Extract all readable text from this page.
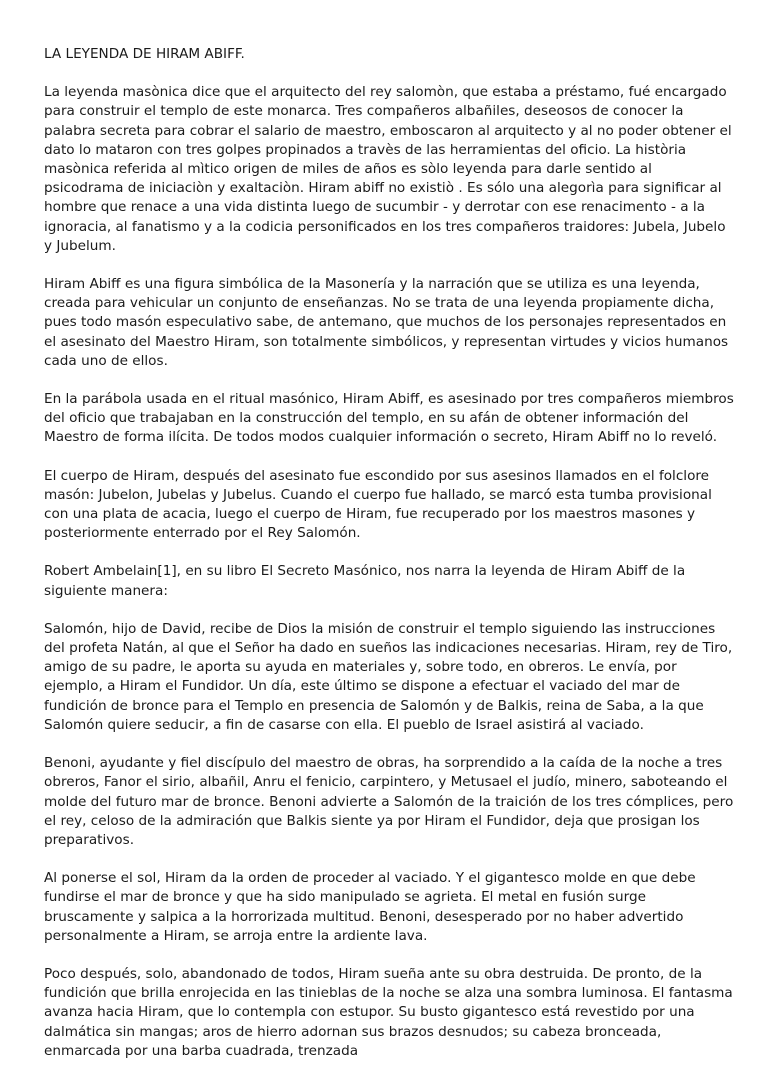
LA LEYENDA DE HIRAM ABIFF.

La leyenda masònica dice que el arquitecto del rey salomòn, que estaba a préstamo, fué encargado para construir el templo de este monarca. Tres compañeros albañiles, deseosos de conocer la palabra secreta para cobrar el salario de maestro, emboscaron al arquitecto y al no poder obtener el dato lo mataron con tres golpes propinados a travès de las herramientas del oficio. La història masònica referida al mìtico origen de miles de años es sòlo leyenda para darle sentido al psicodrama de iniciaciòn y exaltaciòn. Hiram abiff no existiò . Es sólo una alegorìa para significar al hombre que renace a una vida distinta luego de sucumbir - y derrotar con ese renacimento - a la ignoracia, al fanatismo y a la codicia personificados en los tres compañeros traidores: Jubela, Jubelo y Jubelum.

Hiram Abiff es una figura simbólica de la Masonería y la narración que se utiliza es una leyenda, creada para vehicular un conjunto de enseñanzas. No se trata de una leyenda propiamente dicha, pues todo masón especulativo sabe, de antemano, que muchos de los personajes representados en el asesinato del Maestro Hiram, son totalmente simbólicos, y representan virtudes y vicios humanos cada uno de ellos.

En la parábola usada en el ritual masónico, Hiram Abiff, es asesinado por tres compañeros miembros del oficio que trabajaban en la construcción del templo, en su afán de obtener información del Maestro de forma ilícita. De todos modos cualquier información o secreto, Hiram Abiff no lo reveló.

El cuerpo de Hiram, después del asesinato fue escondido por sus asesinos llamados en el folclore masón: Jubelon, Jubelas y Jubelus. Cuando el cuerpo fue hallado, se marcó esta tumba provisional con una plata de acacia, luego el cuerpo de Hiram, fue recuperado por los maestros masones y posteriormente enterrado por el Rey Salomón.

Robert Ambelain[1], en su libro El Secreto Masónico, nos narra la leyenda de Hiram Abiff de la siguiente manera:

Salomón, hijo de David, recibe de Dios la misión de construir el templo siguiendo las instrucciones del profeta Natán, al que el Señor ha dado en sueños las indicaciones necesarias. Hiram, rey de Tiro, amigo de su padre, le aporta su ayuda en materiales y, sobre todo, en obreros. Le envía, por ejemplo, a Hiram el Fundidor. Un día, este último se dispone a efectuar el vaciado del mar de fundición de bronce para el Templo en presencia de Salomón y de Balkis, reina de Saba, a la que Salomón quiere seducir, a fin de casarse con ella. El pueblo de Israel asistirá al vaciado.

Benoni, ayudante y fiel discípulo del maestro de obras, ha sorprendido a la caída de la noche a tres obreros, Fanor el sirio, albañil, Anru el fenicio, carpintero, y Metusael el judío, minero, saboteando el molde del futuro mar de bronce. Benoni advierte a Salomón de la traición de los tres cómplices, pero el rey, celoso de la admiración que Balkis siente ya por Hiram el Fundidor, deja que prosigan los preparativos.

Al ponerse el sol, Hiram da la orden de proceder al vaciado. Y el gigantesco molde en que debe fundirse el mar de bronce y que ha sido manipulado se agrieta. El metal en fusión surge bruscamente y salpica a la horrorizada multitud. Benoni, desesperado por no haber advertido personalmente a Hiram, se arroja entre la ardiente lava.

Poco después, solo, abandonado de todos, Hiram sueña ante su obra destruida. De pronto, de la fundición que brilla enrojecida en las tinieblas de la noche se alza una sombra luminosa. El fantasma avanza hacia Hiram, que lo contempla con estupor. Su busto gigantesco está revestido por una dalmática sin mangas; aros de hierro adornan sus brazos desnudos; su cabeza bronceada, enmarcada por una barba cuadrada, trenzada
